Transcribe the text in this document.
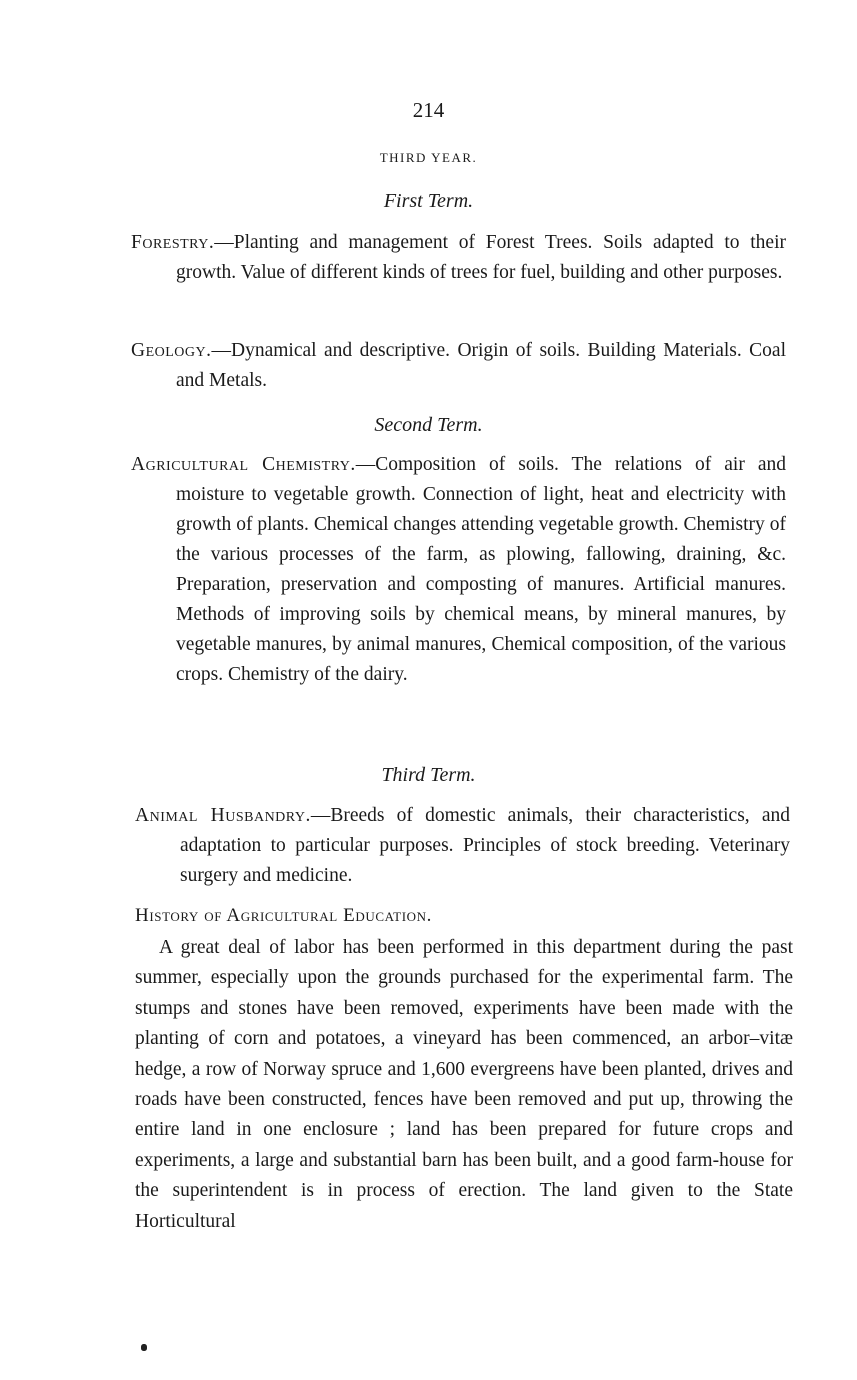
214
THIRD YEAR.
First Term.
Forestry.—Planting and management of Forest Trees. Soils adapted to their growth. Value of different kinds of trees for fuel, building and other purposes.
Geology.—Dynamical and descriptive. Origin of soils. Building Materials. Coal and Metals.
Second Term.
Agricultural Chemistry.—Composition of soils. The relations of air and moisture to vegetable growth. Connection of light, heat and electricity with growth of plants. Chemical changes attending vegetable growth. Chemistry of the various processes of the farm, as plowing, fallowing, draining, &c. Preparation, preservation and composting of manures. Artificial manures. Methods of improving soils by chemical means, by mineral manures, by vegetable manures, by animal manures, Chemical composition, of the various crops. Chemistry of the dairy.
Third Term.
Animal Husbandry.—Breeds of domestic animals, their characteristics, and adaptation to particular purposes. Principles of stock breeding. Veterinary surgery and medicine.
History of Agricultural Education.
A great deal of labor has been performed in this department during the past summer, especially upon the grounds purchased for the experimental farm. The stumps and stones have been removed, experiments have been made with the planting of corn and potatoes, a vineyard has been commenced, an arbor–vitæ hedge, a row of Norway spruce and 1,600 evergreens have been planted, drives and roads have been constructed, fences have been removed and put up, throwing the entire land in one enclosure ; land has been prepared for future crops and experiments, a large and substantial barn has been built, and a good farm-house for the superintendent is in process of erection. The land given to the State Horticultural
